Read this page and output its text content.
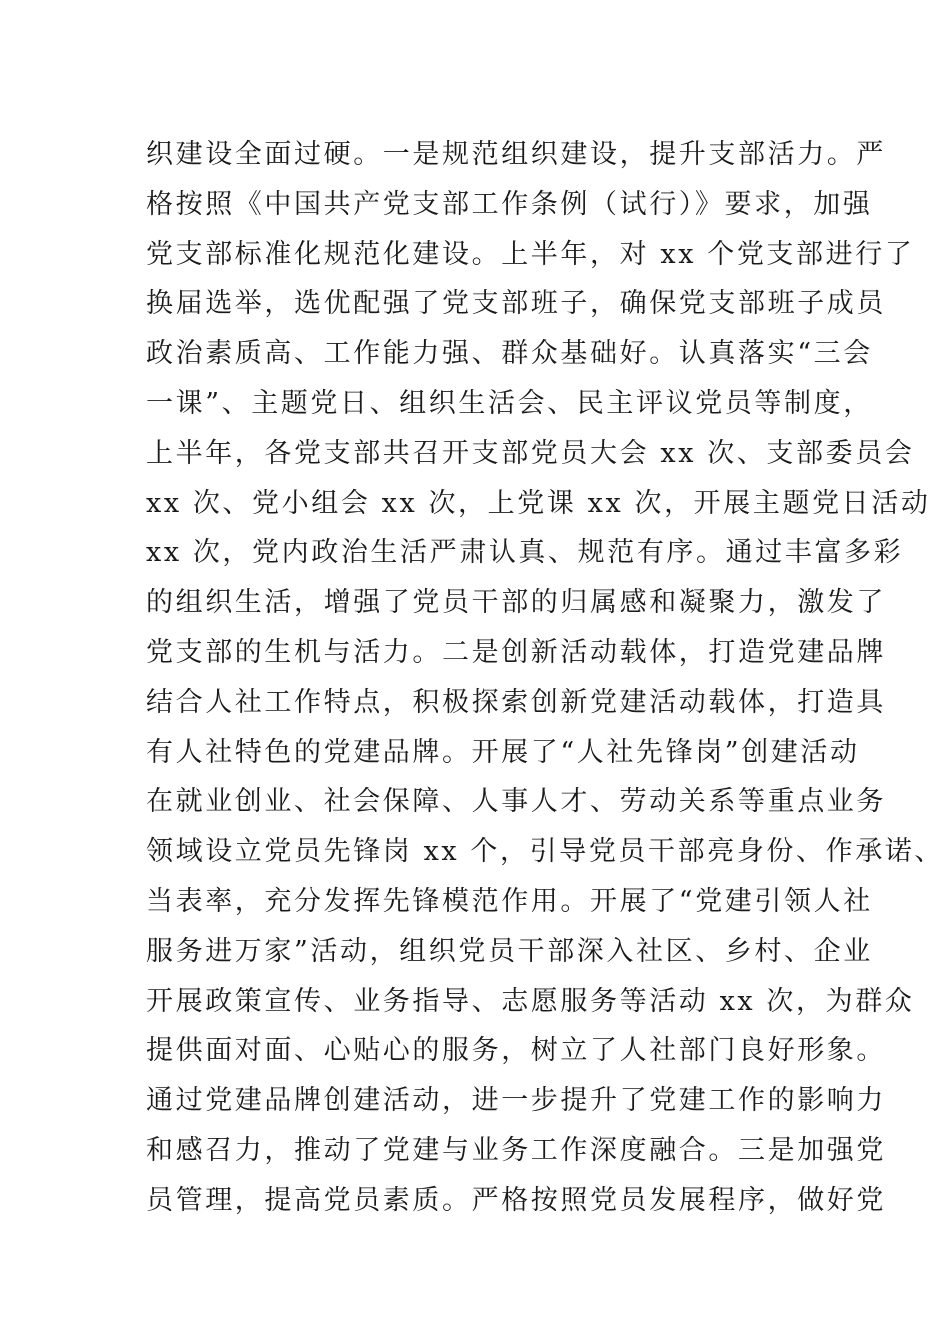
织建设全面过硬。一是规范组织建设，提升支部活力。严
格按照《中国共产党支部工作条例（试行）》要求，加强
党支部标准化规范化建设。上半年，对 xx 个党支部进行了
换届选举，选优配强了党支部班子，确保党支部班子成员
政治素质高、工作能力强、群众基础好。认真落实“三会
一课”、主题党日、组织生活会、民主评议党员等制度，
上半年，各党支部共召开支部党员大会 xx 次、支部委员会
xx 次、党小组会 xx 次，上党课 xx 次，开展主题党日活动
xx 次，党内政治生活严肃认真、规范有序。通过丰富多彩
的组织生活，增强了党员干部的归属感和凝聚力，激发了
党支部的生机与活力。二是创新活动载体，打造党建品牌
结合人社工作特点，积极探索创新党建活动载体，打造具
有人社特色的党建品牌。开展了“人社先锋岗”创建活动
在就业创业、社会保障、人事人才、劳动关系等重点业务
领域设立党员先锋岗 xx 个，引导党员干部亮身份、作承诺、
当表率，充分发挥先锋模范作用。开展了“党建引领人社
服务进万家”活动，组织党员干部深入社区、乡村、企业
开展政策宣传、业务指导、志愿服务等活动 xx 次，为群众
提供面对面、心贴心的服务，树立了人社部门良好形象。
通过党建品牌创建活动，进一步提升了党建工作的影响力
和感召力，推动了党建与业务工作深度融合。三是加强党
员管理，提高党员素质。严格按照党员发展程序，做好党
